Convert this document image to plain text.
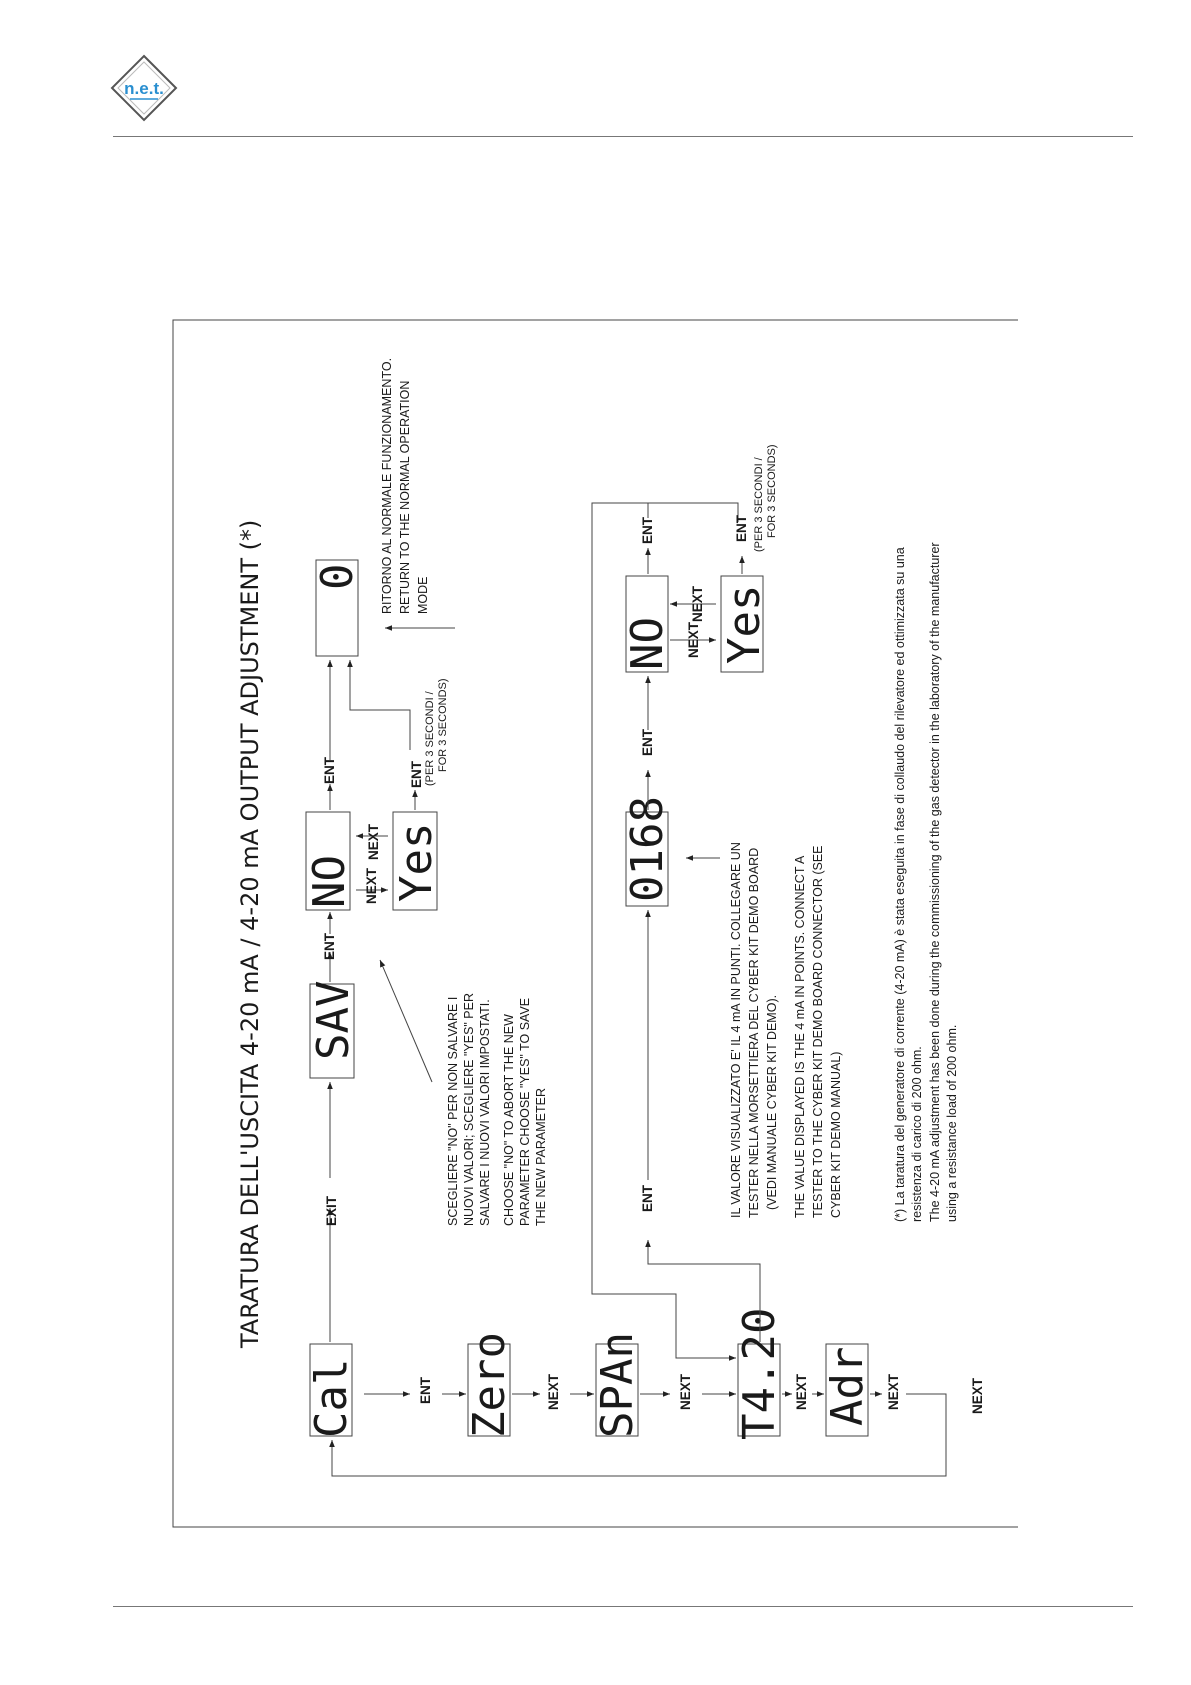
n.e.t.
TARATURA DELL'USCITA 4-20 mA / 4-20 mA OUTPUT ADJUSTMENT (*)
Cal Zero SPAn T4.20 Adr
SAV
NO Yes
0
0168
NO Yes
ENT	NEXT	NEXT	NEXT	NEXT	NEXT
EXIT
ENT
ENT
NEXT
NEXT
ENT (PER 3 SECONDI / FOR 3 SECONDS)
ENT
ENT
ENT
NEXT
NEXT
ENT (PER 3 SECONDI / FOR 3 SECONDS)
RITORNO AL NORMALE FUNZIONAMENTO. RETURN TO THE NORMAL OPERATION MODE
SCEGLIERE "NO" PER NON SALVARE I NUOVI VALORI; SCEGLIERE "YES" PER SALVARE I NUOVI VALORI IMPOSTATI. CHOOSE "NO" TO ABORT THE NEW PARAMETER CHOOSE "YES" TO SAVE THE NEW PARAMETER	IL VALORE VISUALIZZATO E' IL 4 mA IN PUNTI. COLLEGARE UN TESTER NELLA MORSETTIERA DEL CYBER KIT DEMO BOARD (VEDI MANUALE CYBER KIT DEMO). THE VALUE DISPLAYED IS THE 4 mA IN POINTS. CONNECT A TESTER TO THE CYBER KIT DEMO BOARD CONNECTOR (SEE CYBER KIT DEMO MANUAL)	(*) La taratura del generatore di corrente (4-20 mA) è stata eseguita in fase di collaudo del rilevatore ed ottimizzata su una resistenza di carico di 200 ohm. The 4-20 mA adjustment has been done during the commissioning of the gas detector in the laboratory of the manufacturer using a resistance load of 200 ohm.
